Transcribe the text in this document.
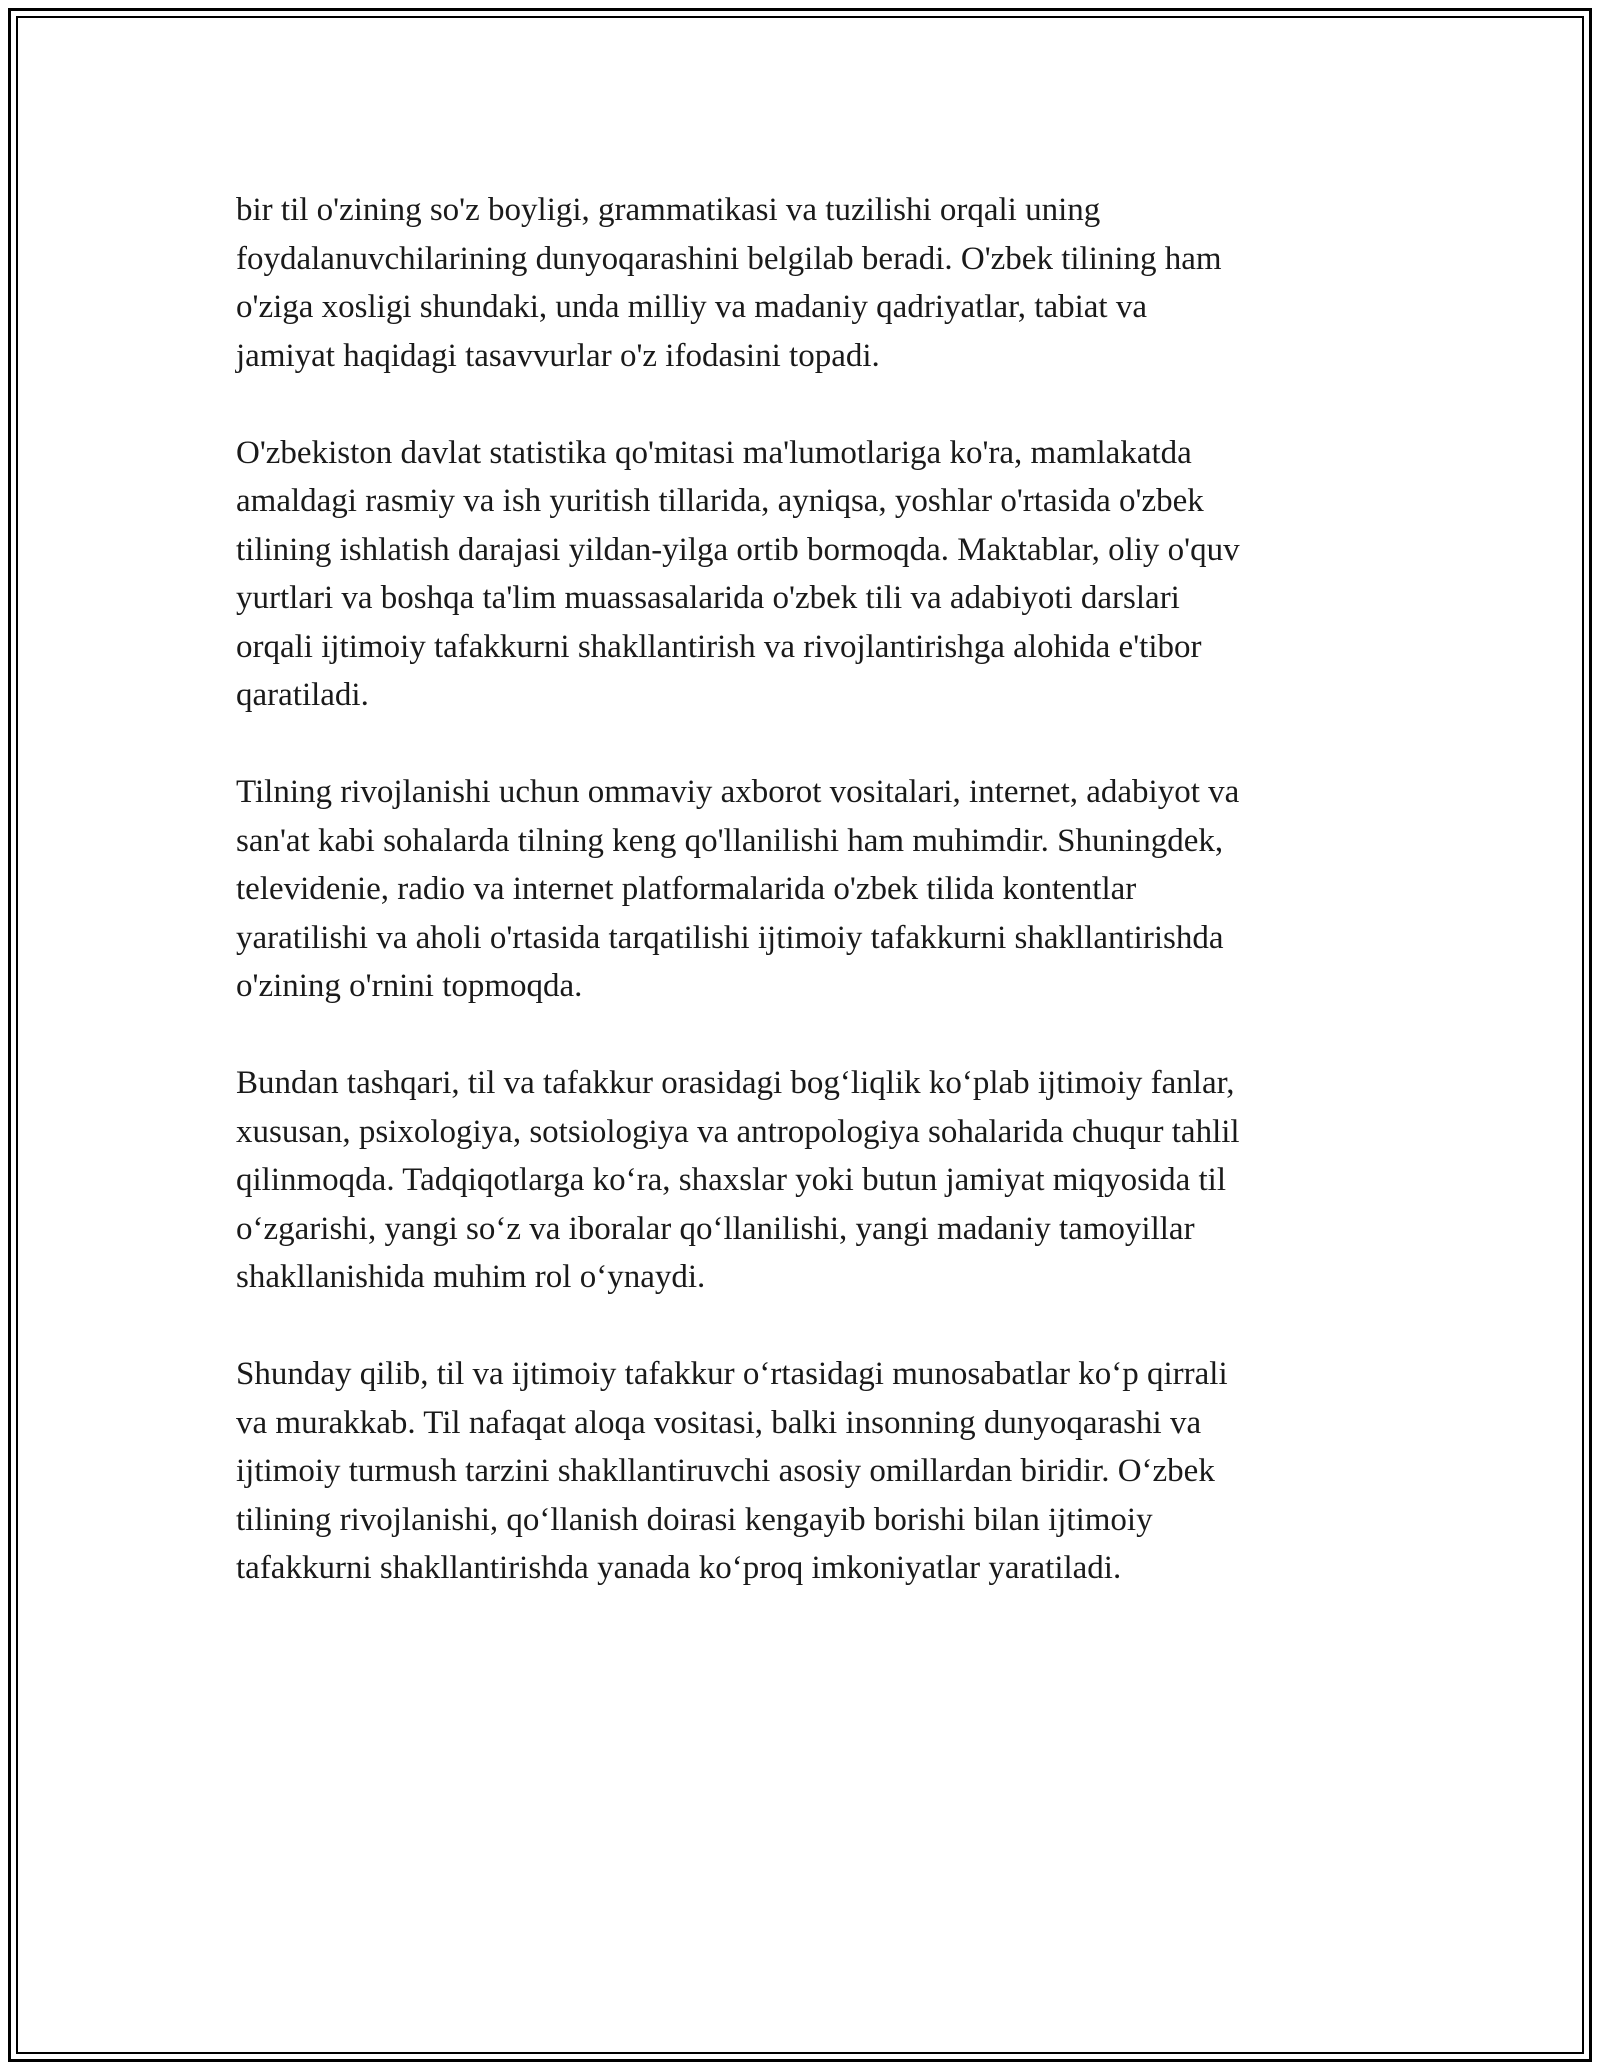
bir til o'zining so'z boyligi, grammatikasi va tuzilishi orqali uning
foydalanuvchilarining dunyoqarashini belgilab beradi. O'zbek tilining ham
o'ziga xosligi shundaki, unda milliy va madaniy qadriyatlar, tabiat va
jamiyat haqidagi tasavvurlar o'z ifodasini topadi.

O'zbekiston davlat statistika qo'mitasi ma'lumotlariga ko'ra, mamlakatda
amaldagi rasmiy va ish yuritish tillarida, ayniqsa, yoshlar o'rtasida o'zbek
tilining ishlatish darajasi yildan-yilga ortib bormoqda. Maktablar, oliy o'quv
yurtlari va boshqa ta'lim muassasalarida o'zbek tili va adabiyoti darslari
orqali ijtimoiy tafakkurni shakllantirish va rivojlantirishga alohida e'tibor
qaratiladi.

Tilning rivojlanishi uchun ommaviy axborot vositalari, internet, adabiyot va
san'at kabi sohalarda tilning keng qo'llanilishi ham muhimdir. Shuningdek,
televidenie, radio va internet platformalarida o'zbek tilida kontentlar
yaratilishi va aholi o'rtasida tarqatilishi ijtimoiy tafakkurni shakllantirishda
o'zining o'rnini topmoqda.

Bundan tashqari, til va tafakkur orasidagi bog‘liqlik ko‘plab ijtimoiy fanlar,
xususan, psixologiya, sotsiologiya va antropologiya sohalarida chuqur tahlil
qilinmoqda. Tadqiqotlarga ko‘ra, shaxslar yoki butun jamiyat miqyosida til
o‘zgarishi, yangi so‘z va iboralar qo‘llanilishi, yangi madaniy tamoyillar
shakllanishida muhim rol o‘ynaydi.

Shunday qilib, til va ijtimoiy tafakkur o‘rtasidagi munosabatlar ko‘p qirrali
va murakkab. Til nafaqat aloqa vositasi, balki insonning dunyoqarashi va
ijtimoiy turmush tarzini shakllantiruvchi asosiy omillardan biridir. O‘zbek
tilining rivojlanishi, qo‘llanish doirasi kengayib borishi bilan ijtimoiy
tafakkurni shakllantirishda yanada ko‘proq imkoniyatlar yaratiladi.
